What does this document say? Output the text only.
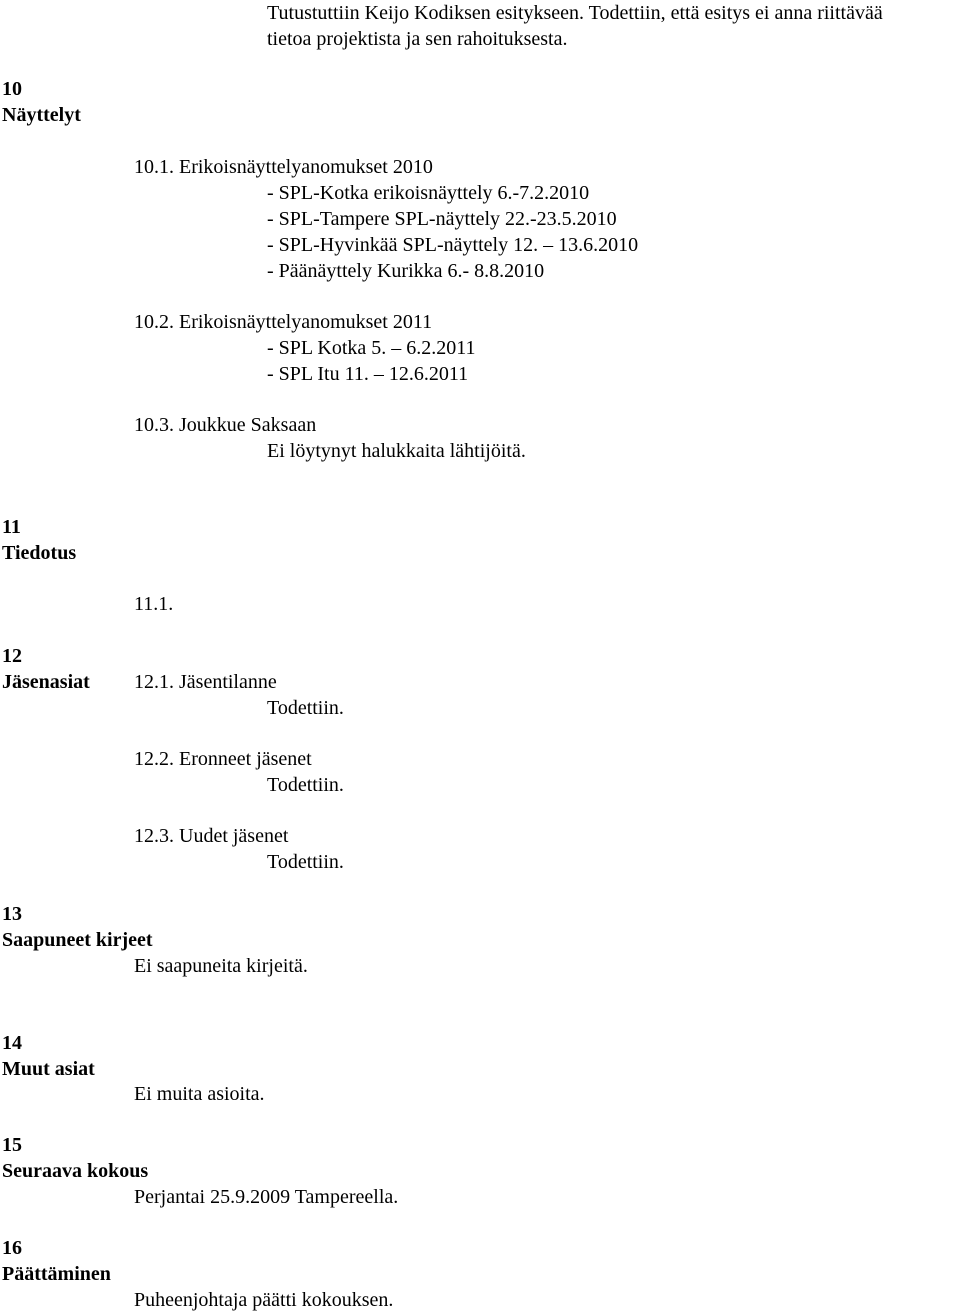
Tutustuttiin Keijo Kodiksen esitykseen. Todettiin, että esitys ei anna riittävää
tietoa projektista ja sen rahoituksesta.
10
Näyttelyt
10.1. Erikoisnäyttelyanomukset 2010
- SPL-Kotka erikoisnäyttely 6.-7.2.2010
- SPL-Tampere SPL-näyttely 22.-23.5.2010
- SPL-Hyvinkää SPL-näyttely 12. – 13.6.2010
- Päänäyttely Kurikka 6.- 8.8.2010
10.2. Erikoisnäyttelyanomukset 2011
- SPL Kotka 5. – 6.2.2011
- SPL Itu 11. – 12.6.2011
10.3. Joukkue Saksaan
Ei löytynyt halukkaita lähtijöitä.
11
Tiedotus
11.1.
12
Jäsenasiat 12.1. Jäsentilanne
Todettiin.
12.2. Eronneet jäsenet
Todettiin.
12.3. Uudet jäsenet
Todettiin.
13
Saapuneet kirjeet
Ei saapuneita kirjeitä.
14
Muut asiat
Ei muita asioita.
15
Seuraava kokous
Perjantai 25.9.2009 Tampereella.
16
Päättäminen
Puheenjohtaja päätti kokouksen.
